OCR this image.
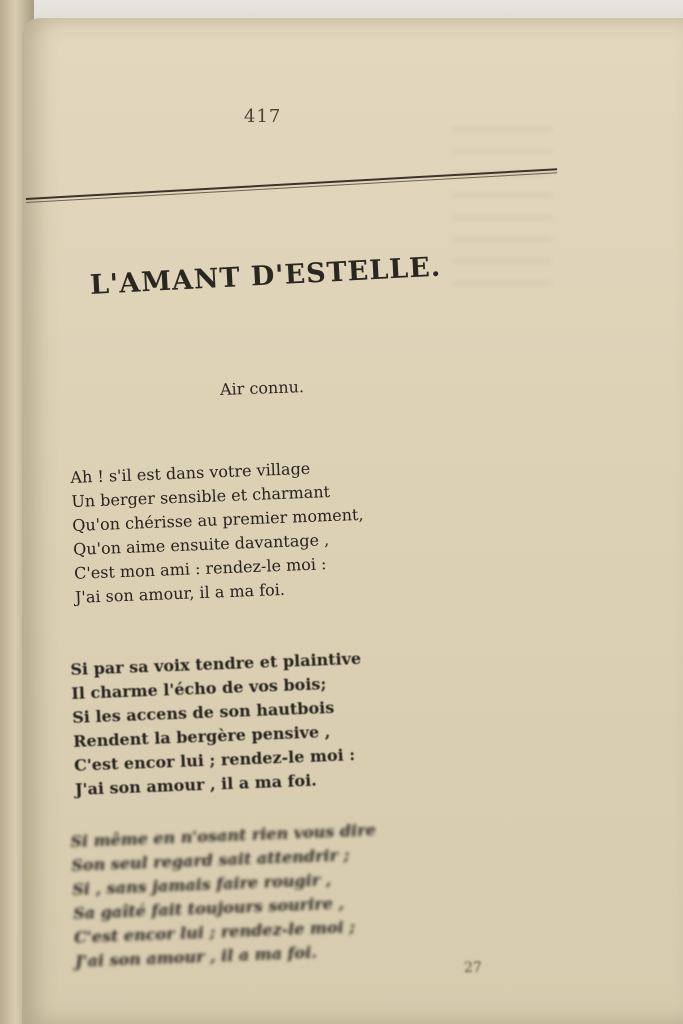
417
L'AMANT D'ESTELLE.
Air connu.
Ah ! s'il est dans votre village
Un berger sensible et charmant
Qu'on chérisse au premier moment,
Qu'on aime ensuite davantage ,
C'est mon ami : rendez-le moi :
J'ai son amour, il a ma foi.
Si par sa voix tendre et plaintive
Il charme l'écho de vos bois;
Si les accens de son hautbois
Rendent la bergère pensive ,
C'est encor lui ; rendez-le moi :
J'ai son amour , il a ma foi.
Si même en n'osant rien vous dire
Son seul regard sait attendrir ;
Si , sans jamais faire rougir ,
Sa gaîté fait toujours sourire ,
C'est encor lui ; rendez-le moi ;
J'ai son amour , il a ma foi.	27
